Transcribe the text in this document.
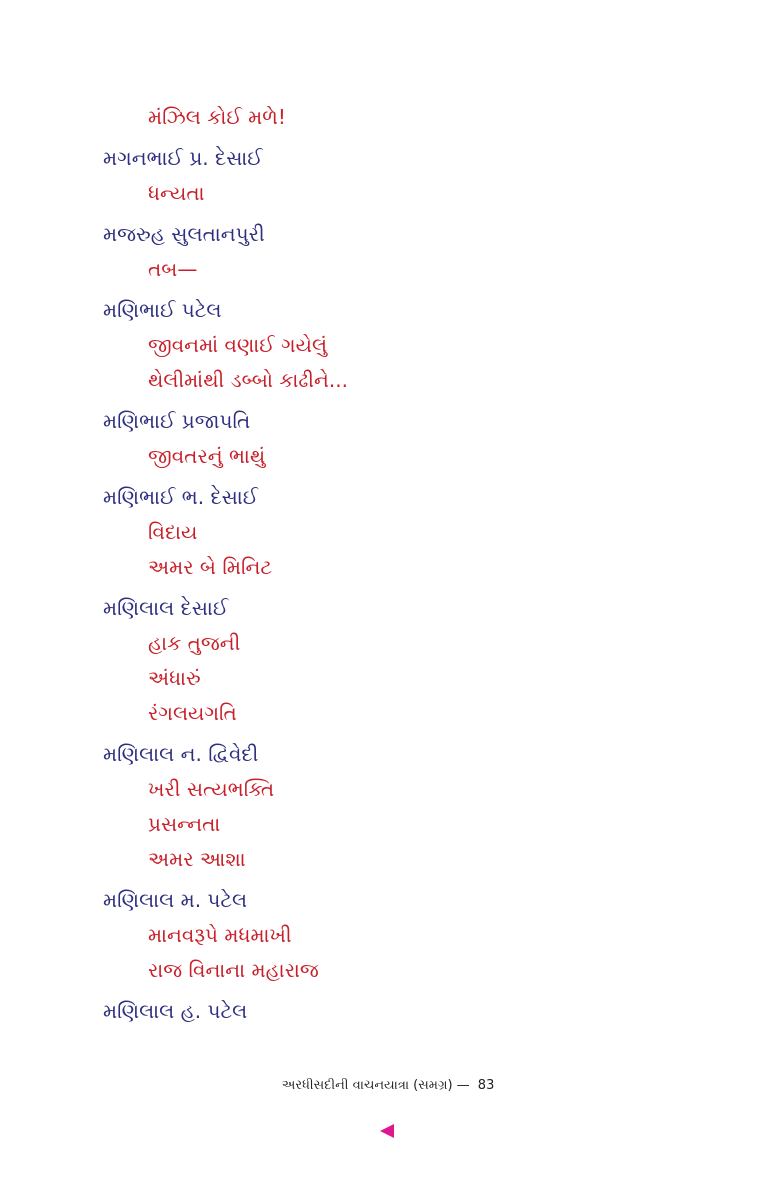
મંઝિલ કોઈ મળે!
મગનભાઈ પ્ર. દેસાઈ
ધન્યતા
મજરુહ સુલતાનપુરી
તબ—
મણિભાઈ પટેલ
જીવનમાં વણાઈ ગયેલું
થેલીમાંથી ડબ્બો કાઢીને...
મણિભાઈ પ્રજાપતિ
જીવતરનું ભાથું
મણિભાઈ ભ. દેસાઈ
વિદાય
અમર બે મિનિટ
મણિલાલ દેસાઈ
હાક તુજની
અંધારું
રંગલયગતિ
મણિલાલ ન. દ્વિવેદી
ખરી સત્યભક્તિ
પ્રસન્નતા
અમર આશા
મણિલાલ મ. પટેલ
માનવરૂપે મધમાખી
રાજ વિનાના મહારાજ
મણિલાલ હ. પટેલ
અરધીસદીની વાચનયાત્રા (સમગ્ર) — 83
